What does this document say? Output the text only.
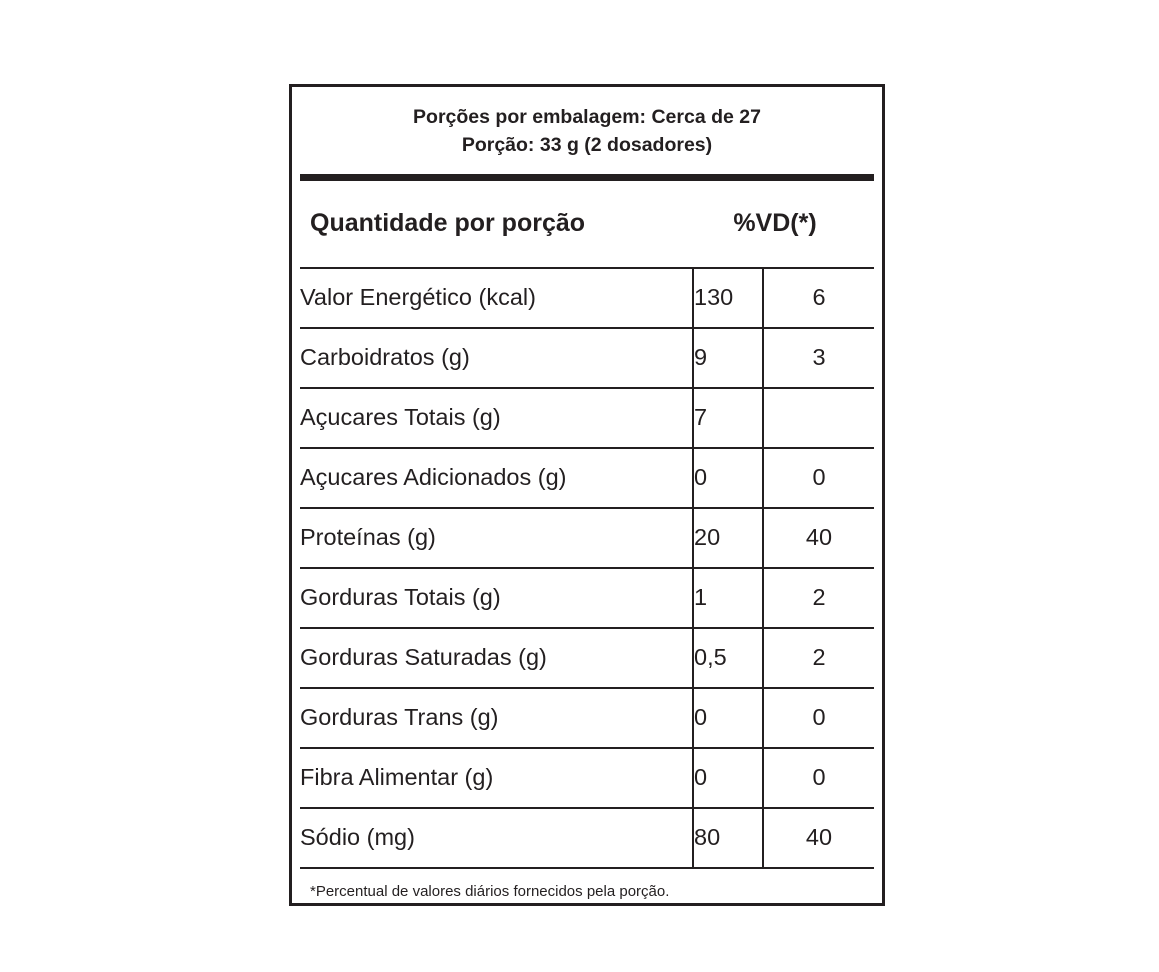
Porções por embalagem: Cerca de 27
Porção: 33 g (2 dosadores)
Quantidade por porção	%VD(*)
Valor Energético (kcal)	130	6
Carboidratos (g)	9	3
Açucares Totais (g)	7	
Açucares Adicionados (g)	0	0
Proteínas (g)	20	40
Gorduras Totais (g)	1	2
Gorduras Saturadas (g)	0,5	2
Gorduras Trans (g)	0	0
Fibra Alimentar (g)	0	0
Sódio (mg)	80	40
*Percentual de valores diários fornecidos pela porção.
